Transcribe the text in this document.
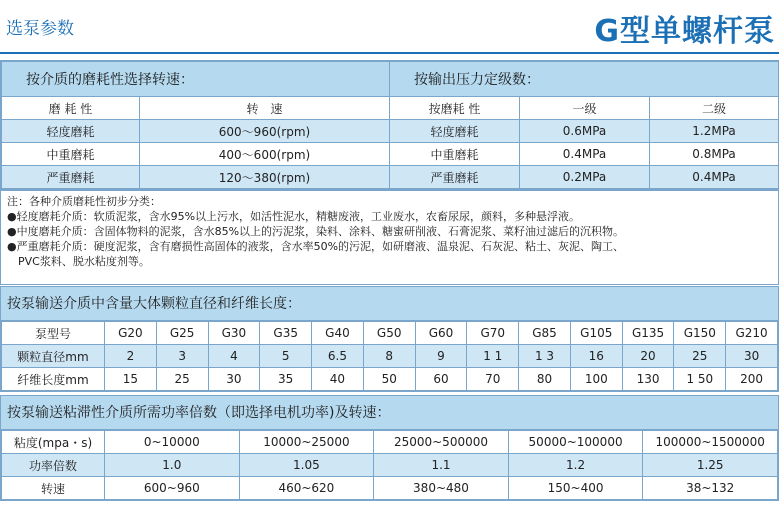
选泵参数	G型单螺杆泵
按介质的磨耗性选择转速：		按输出压力定级数：		
磨 耗 性	转　速	按磨耗 性	一级	二级
轻度磨耗	600～960(rpm)	轻度磨耗	0.6MPa	1.2MPa
中重磨耗	400～600(rpm)	中重磨耗	0.4MPa	0.8MPa
严重磨耗	120～380(rpm)	严重磨耗	0.2MPa	0.4MPa

注：各种介质磨耗性初步分类：

●轻度磨耗介质：软质泥浆，含水95%以上污水，如活性泥水，精糖废液，工业废水，农畜尿尿，颜料，多种悬浮液。

●中度磨耗介质：含固体物料的泥浆，含水85%以上的污泥浆，染料、涂料、糖蜜研削液、石膏泥浆、菜籽油过滤后的沉积物。

●严重磨耗介质：硬度泥浆，含有磨损性高固体的液浆，含水率50%的污泥，如研磨液、温泉泥、石灰泥、粘土、灰泥、陶工、

　PVC浆料、脱水粘度剂等。

按泵输送介质中含量大体颗粒直径和纤维长度：
泵型号	G20	G25	G30	G35	G40	G50	G60	G70	G85	G105	G135	G150	G210
颗粒直径mm	2	3	4	5	6.5	8	9	1 1	1 3	16	20	25	30
纤维长度mm	15	25	30	35	40	50	60	70	80	100	130	1 50	200
按泵输送粘滞性介质所需功率倍数（即选择电机功率)及转速：
粘度(mpa・s)	0~10000	10000~25000	25000~500000	50000~100000	100000~1500000
功率倍数	1.0	1.05	1.1	1.2	1.25
转速	600~960	460~620	380~480	150~400	38~132
